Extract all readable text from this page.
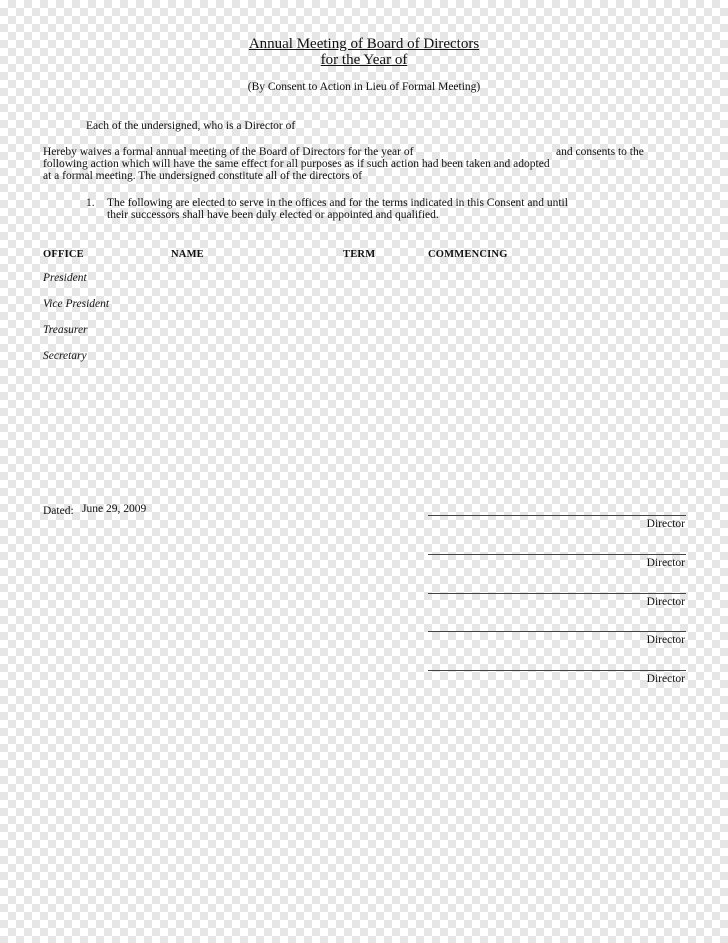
Annual Meeting of Board of Directors
for the Year of
(By Consent to Action in Lieu of Formal Meeting)
Each of the undersigned, who is a Director of
Hereby waives a formal annual meeting of the Board of Directors for the year of	and consents to the
following action which will have the same effect for all purposes as if such action had been taken and adopted
at a formal meeting. The undersigned constitute all of the directors of
1. The following are elected to serve in the offices and for the terms indicated in this Consent and until
their successors shall have been duly elected or appointed and qualified.
OFFICE	NAME	TERM	COMMENCING
President
Vice President
Treasurer
Secretary
Dated: June 29, 2009
Director
Director
Director
Director
Director
